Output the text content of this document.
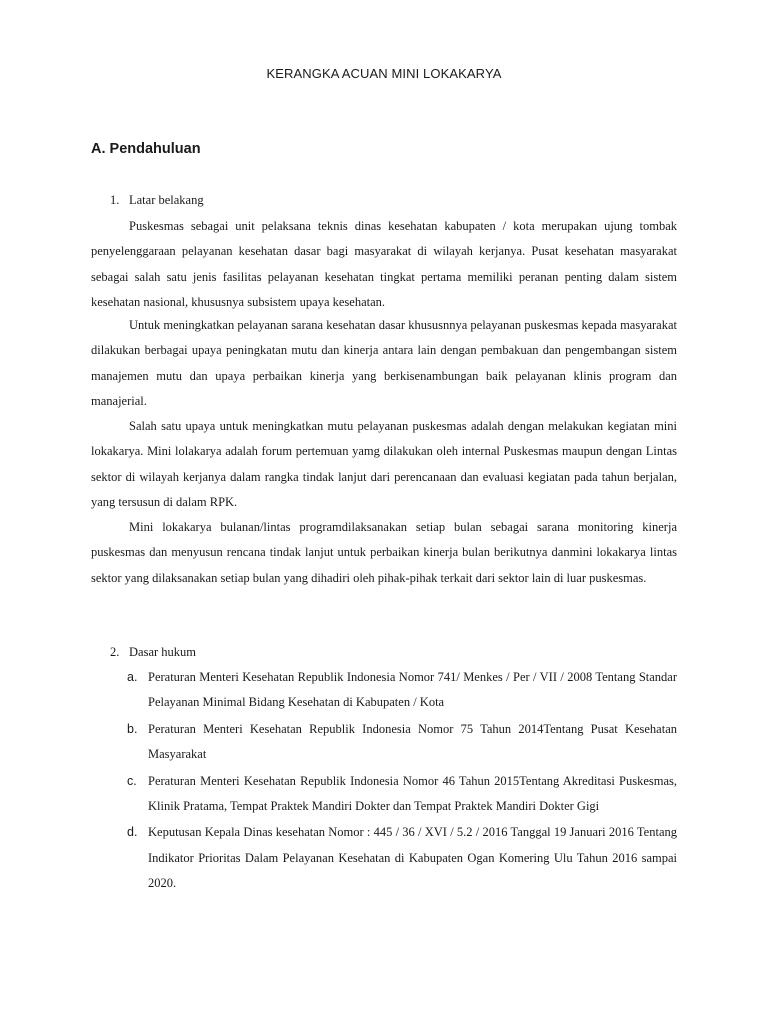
KERANGKA ACUAN MINI LOKAKARYA
A. Pendahuluan
1. Latar belakang

Puskesmas sebagai unit pelaksana teknis dinas kesehatan kabupaten / kota merupakan ujung tombak penyelenggaraan pelayanan kesehatan dasar bagi masyarakat di wilayah kerjanya. Pusat kesehatan masyarakat sebagai salah satu jenis fasilitas pelayanan kesehatan tingkat pertama memiliki peranan penting dalam sistem kesehatan nasional, khususnya subsistem upaya kesehatan.

Untuk meningkatkan pelayanan sarana kesehatan dasar khususnnya pelayanan puskesmas kepada masyarakat dilakukan berbagai upaya peningkatan mutu dan kinerja antara lain dengan pembakuan dan pengembangan sistem manajemen mutu dan upaya perbaikan kinerja yang berkisenambungan baik pelayanan klinis program dan manajerial.

Salah satu upaya untuk meningkatkan mutu pelayanan puskesmas adalah dengan melakukan kegiatan mini lokakarya. Mini lolakarya adalah forum pertemuan yamg dilakukan oleh internal Puskesmas maupun dengan Lintas sektor di wilayah kerjanya dalam rangka tindak lanjut dari perencanaan dan evaluasi kegiatan pada tahun berjalan, yang tersusun di dalam RPK.

Mini lokakarya bulanan/lintas programdilaksanakan setiap bulan sebagai sarana monitoring kinerja puskesmas dan menyusun rencana tindak lanjut untuk perbaikan kinerja bulan berikutnya danmini lokakarya lintas sektor yang dilaksanakan setiap bulan yang dihadiri oleh pihak-pihak terkait dari sektor lain di luar puskesmas.

2. Dasar hukum
a. Peraturan Menteri Kesehatan Republik Indonesia Nomor 741/ Menkes / Per / VII / 2008 Tentang Standar Pelayanan Minimal Bidang Kesehatan di Kabupaten / Kota
b. Peraturan Menteri Kesehatan Republik Indonesia Nomor 75 Tahun 2014Tentang Pusat Kesehatan Masyarakat
c. Peraturan Menteri Kesehatan Republik Indonesia Nomor 46 Tahun 2015Tentang Akreditasi Puskesmas, Klinik Pratama, Tempat Praktek Mandiri Dokter dan Tempat Praktek Mandiri Dokter Gigi
d. Keputusan Kepala Dinas kesehatan Nomor : 445 / 36 / XVI / 5.2 / 2016 Tanggal 19 Januari 2016 Tentang Indikator Prioritas Dalam Pelayanan Kesehatan di Kabupaten Ogan Komering Ulu Tahun 2016 sampai 2020.
